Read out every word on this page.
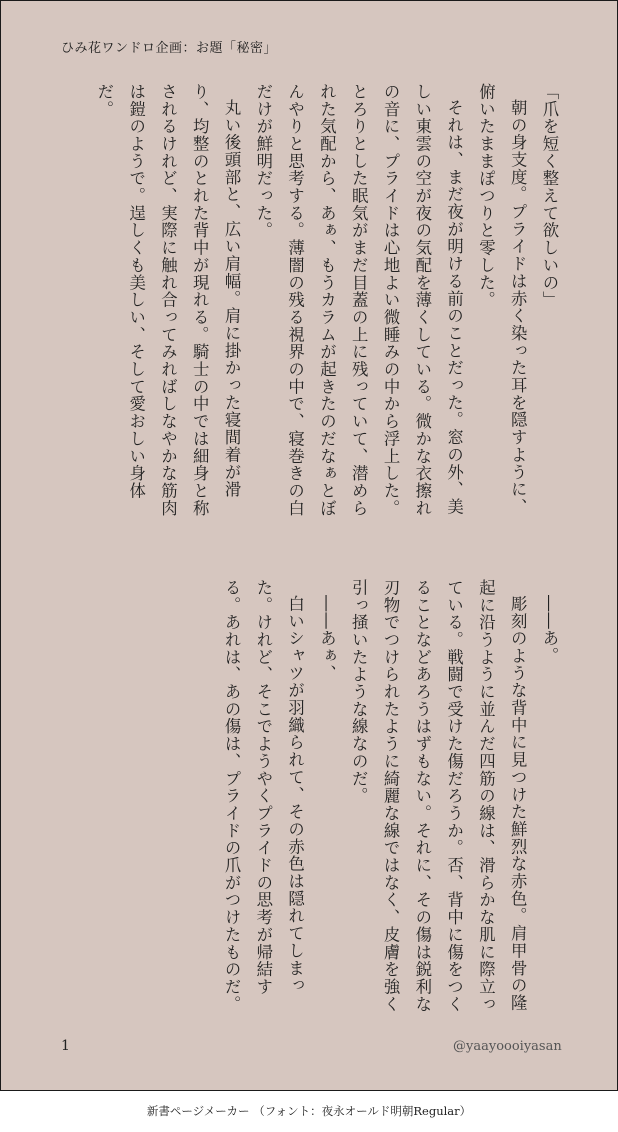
ひみ花ワンドロ企画：お題「秘密」

「爪を短く整えて欲しいの」

朝の身支度。プライドは赤く染った耳を隠すように、俯いたままぽつりと零した。

それは、まだ夜が明ける前のことだった。窓の外、美しい東雲の空が夜の気配を薄くしている。微かな衣擦れの音に、プライドは心地よい微睡みの中から浮上した。とろりとした眠気がまだ目蓋の上に残っていて、潜められた気配から、あぁ、もうカラムが起きたのだなぁとぼんやりと思考する。薄闇の残る視界の中で、寝巻きの白だけが鮮明だった。

丸い後頭部と、広い肩幅。肩に掛かった寝間着が滑り、均整のとれた背中が現れる。騎士の中では細身と称されるけれど、実際に触れ合ってみればしなやかな筋肉は鎧のようで。逞しくも美しい、そして愛おしい身体だ。

――あ。

彫刻のような背中に見つけた鮮烈な赤色。肩甲骨の隆起に沿うように並んだ四筋の線は、滑らかな肌に際立っている。戦闘で受けた傷だろうか。否、背中に傷をつくることなどあろうはずもない。それに、その傷は鋭利な刃物でつけられたように綺麗な線ではなく、皮膚を強く引っ掻いたような線なのだ。

――あぁ、

白いシャツが羽織られて、その赤色は隠れてしまった。けれど、そこでようやくプライドの思考が帰結する。あれは、あの傷は、プライドの爪がつけたものだ。

1	@yaayoooiyasan
新書ページメーカー （フォント：夜永オールド明朝Regular）
